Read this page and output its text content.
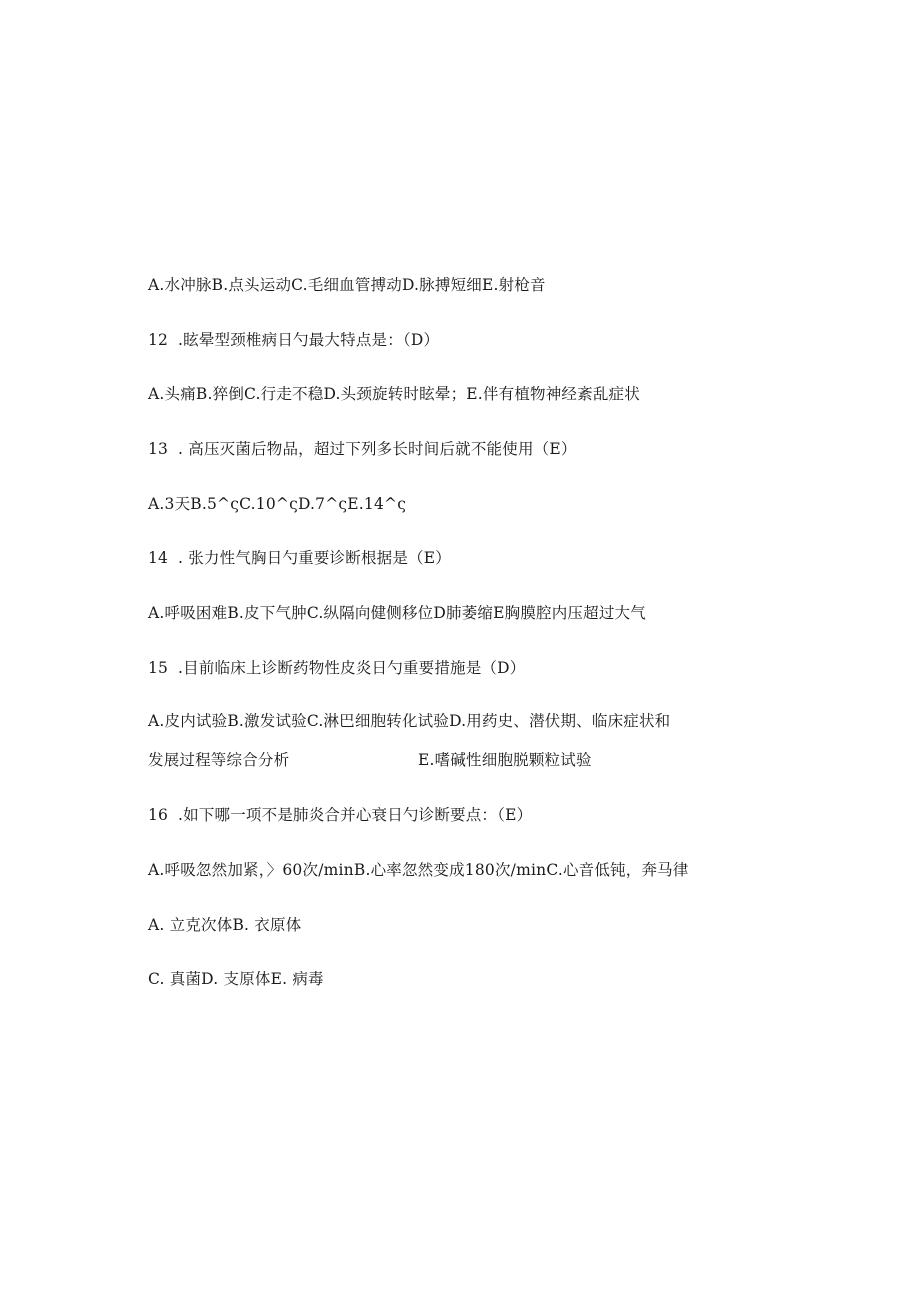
A.水冲脉B.点头运动C.毛细血管搏动D.脉搏短细E.射枪音
12 .眩晕型颈椎病日勺最大特点是：（D）
A.头痛B.猝倒C.行走不稳D.头颈旋转时眩晕；E.伴有植物神经紊乱症状
13 . 高压灭菌后物品，超过下列多长时间后就不能使用（E）
A.3天B.5^ςC.10^ςD.7^ςE.14^ς
14 . 张力性气胸日勺重要诊断根据是（E）
A.呼吸困难B.皮下气肿C.纵隔向健侧移位D肺萎缩E胸膜腔内压超过大气
15 .目前临床上诊断药物性皮炎日勺重要措施是（D）
A.皮内试验B.激发试验C.淋巴细胞转化试验D.用药史、潜伏期、临床症状和
发展过程等综合分析	E.嗜碱性细胞脱颗粒试验
16 .如下哪一项不是肺炎合并心衰日勺诊断要点：（E）
A.呼吸忽然加紧，〉60次/minB.心率忽然变成180次/minC.心音低钝，奔马律
A. 立克次体B. 衣原体
C. 真菌D. 支原体E. 病毒
